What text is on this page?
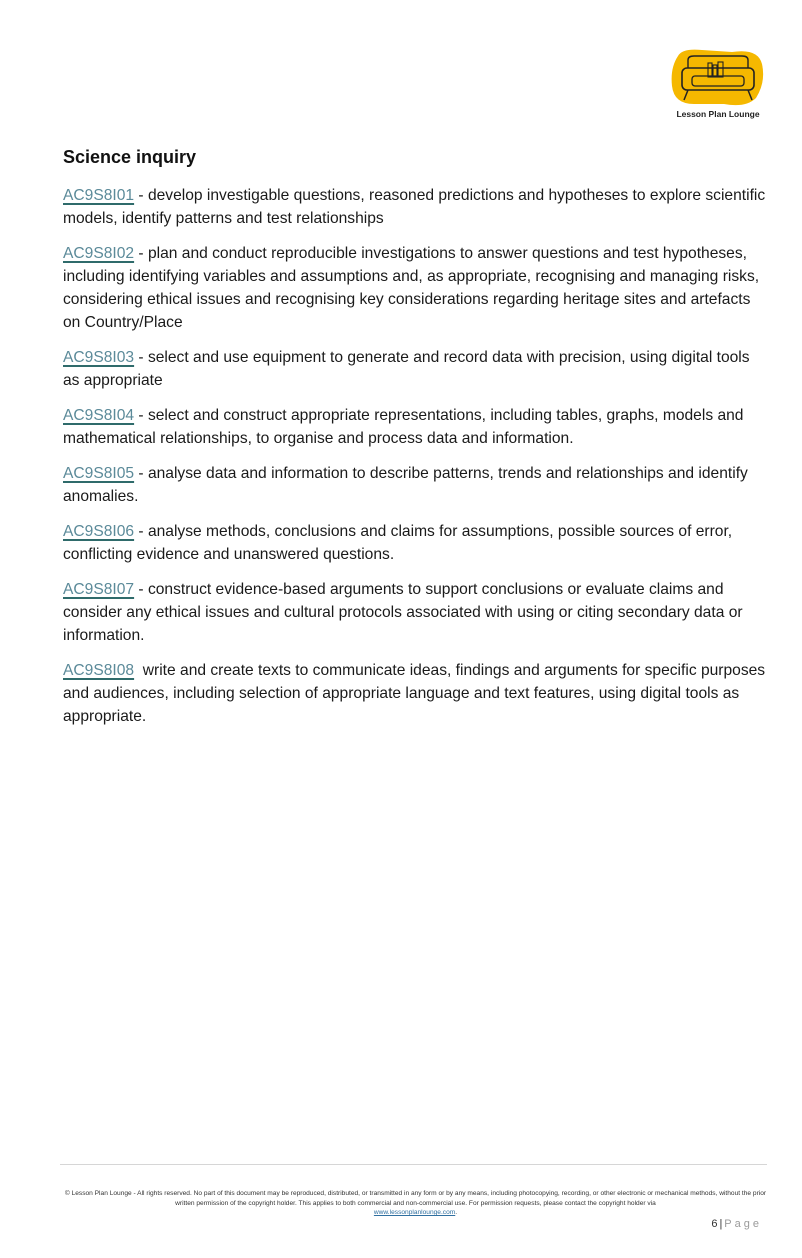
Lesson Plan Lounge
Science inquiry

AC9S8I01 - develop investigable questions, reasoned predictions and hypotheses to explore scientific models, identify patterns and test relationships

AC9S8I02 - plan and conduct reproducible investigations to answer questions and test hypotheses, including identifying variables and assumptions and, as appropriate, recognising and managing risks, considering ethical issues and recognising key considerations regarding heritage sites and artefacts on Country/Place

AC9S8I03 - select and use equipment to generate and record data with precision, using digital tools as appropriate

AC9S8I04 - select and construct appropriate representations, including tables, graphs, models and mathematical relationships, to organise and process data and information.

AC9S8I05 - analyse data and information to describe patterns, trends and relationships and identify anomalies.

AC9S8I06 - analyse methods, conclusions and claims for assumptions, possible sources of error, conflicting evidence and unanswered questions.

AC9S8I07 - construct evidence-based arguments to support conclusions or evaluate claims and consider any ethical issues and cultural protocols associated with using or citing secondary data or information.

AC9S8I08 write and create texts to communicate ideas, findings and arguments for specific purposes and audiences, including selection of appropriate language and text features, using digital tools as appropriate.

© Lesson Plan Lounge - All rights reserved. No part of this document may be reproduced, distributed, or transmitted in any form or by any means, including photocopying, recording, or other electronic or mechanical methods, without the prior written permission of the copyright holder. This applies to both commercial and non-commercial use. For permission requests, please contact the copyright holder via
www.lessonplanlounge.com.
6 | Page
